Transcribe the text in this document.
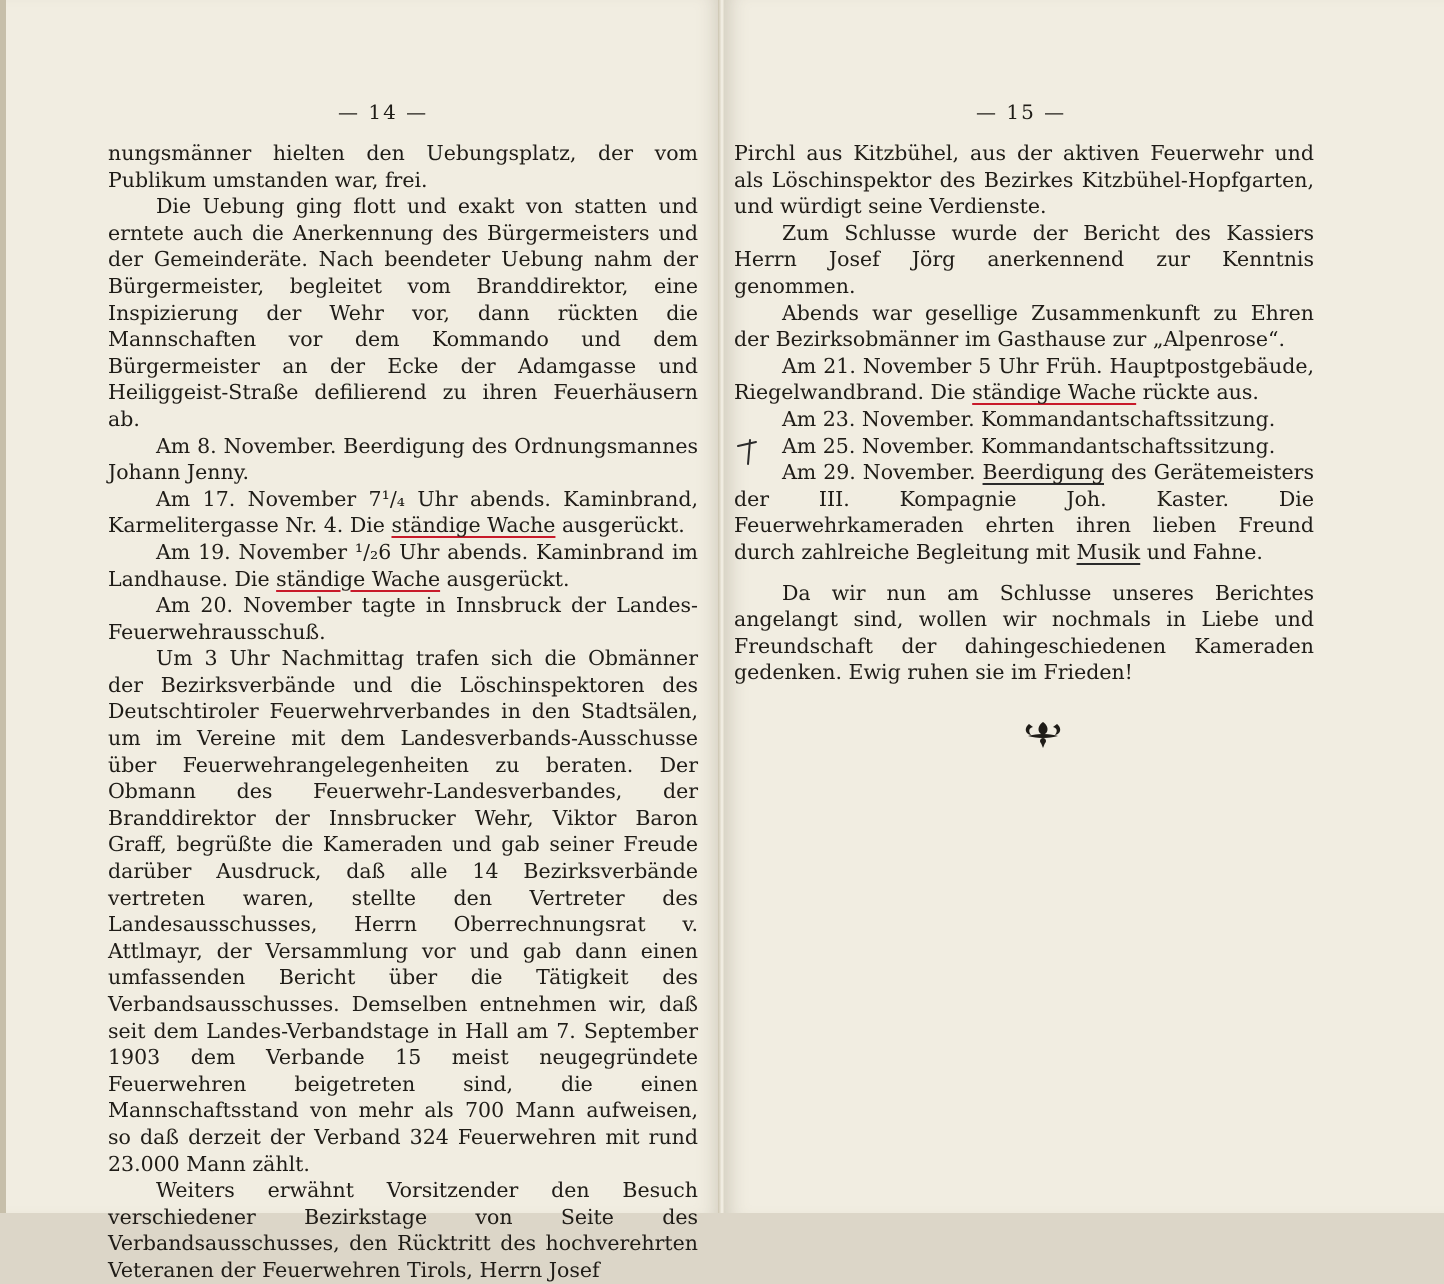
— 14 —

nungsmänner hielten den Uebungsplatz, der vom Publikum umstanden war, frei.

Die Uebung ging flott und exakt von statten und erntete auch die Anerkennung des Bürgermeisters und der Gemeinderäte. Nach beendeter Uebung nahm der Bürgermeister, begleitet vom Branddirektor, eine Inspizierung der Wehr vor, dann rückten die Mannschaften vor dem Kommando und dem Bürgermeister an der Ecke der Adamgasse und Heiliggeist-Straße defilierend zu ihren Feuerhäusern ab.

Am 8. November. Beerdigung des Ordnungsmannes Johann Jenny.

Am 17. November 7¹/₄ Uhr abends. Kaminbrand, Karmelitergasse Nr. 4. Die ständige Wache ausgerückt.

Am 19. November ¹/₂6 Uhr abends. Kaminbrand im Landhause. Die ständige Wache ausgerückt.

Am 20. November tagte in Innsbruck der Landes-Feuerwehrausschuß.

Um 3 Uhr Nachmittag trafen sich die Obmänner der Bezirksverbände und die Löschinspektoren des Deutschtiroler Feuerwehrverbandes in den Stadtsälen, um im Vereine mit dem Landesverbands-Ausschusse über Feuerwehrangelegenheiten zu beraten. Der Obmann des Feuerwehr-Landesverbandes, der Branddirektor der Innsbrucker Wehr, Viktor Baron Graff, begrüßte die Kameraden und gab seiner Freude darüber Ausdruck, daß alle 14 Bezirksverbände vertreten waren, stellte den Vertreter des Landesausschusses, Herrn Oberrechnungsrat v. Attlmayr, der Versammlung vor und gab dann einen umfassenden Bericht über die Tätigkeit des Verbandsausschusses. Demselben entnehmen wir, daß seit dem Landes-Verbandstage in Hall am 7. September 1903 dem Verbande 15 meist neugegründete Feuerwehren beigetreten sind, die einen Mannschaftsstand von mehr als 700 Mann aufweisen, so daß derzeit der Verband 324 Feuerwehren mit rund 23.000 Mann zählt.

Weiters erwähnt Vorsitzender den Besuch verschiedener Bezirkstage von Seite des Verbandsausschusses, den Rücktritt des hochverehrten Veteranen der Feuerwehren Tirols, Herrn Josef

— 15 —

Pirchl aus Kitzbühel, aus der aktiven Feuerwehr und als Löschinspektor des Bezirkes Kitzbühel-Hopfgarten, und würdigt seine Verdienste.

Zum Schlusse wurde der Bericht des Kassiers Herrn Josef Jörg anerkennend zur Kenntnis genommen.

Abends war gesellige Zusammenkunft zu Ehren der Bezirksobmänner im Gasthause zur „Alpenrose“.

Am 21. November 5 Uhr Früh. Hauptpostgebäude, Riegelwandbrand. Die ständige Wache rückte aus.

Am 23. November. Kommandantschaftssitzung.

Am 25. November. Kommandantschaftssitzung.

Am 29. November. Beerdigung des Gerätemeisters der III. Kompagnie Joh. Kaster. Die Feuerwehrkameraden ehrten ihren lieben Freund durch zahlreiche Begleitung mit Musik und Fahne.

Da wir nun am Schlusse unseres Berichtes angelangt sind, wollen wir nochmals in Liebe und Freundschaft der dahingeschiedenen Kameraden gedenken. Ewig ruhen sie im Frieden!
